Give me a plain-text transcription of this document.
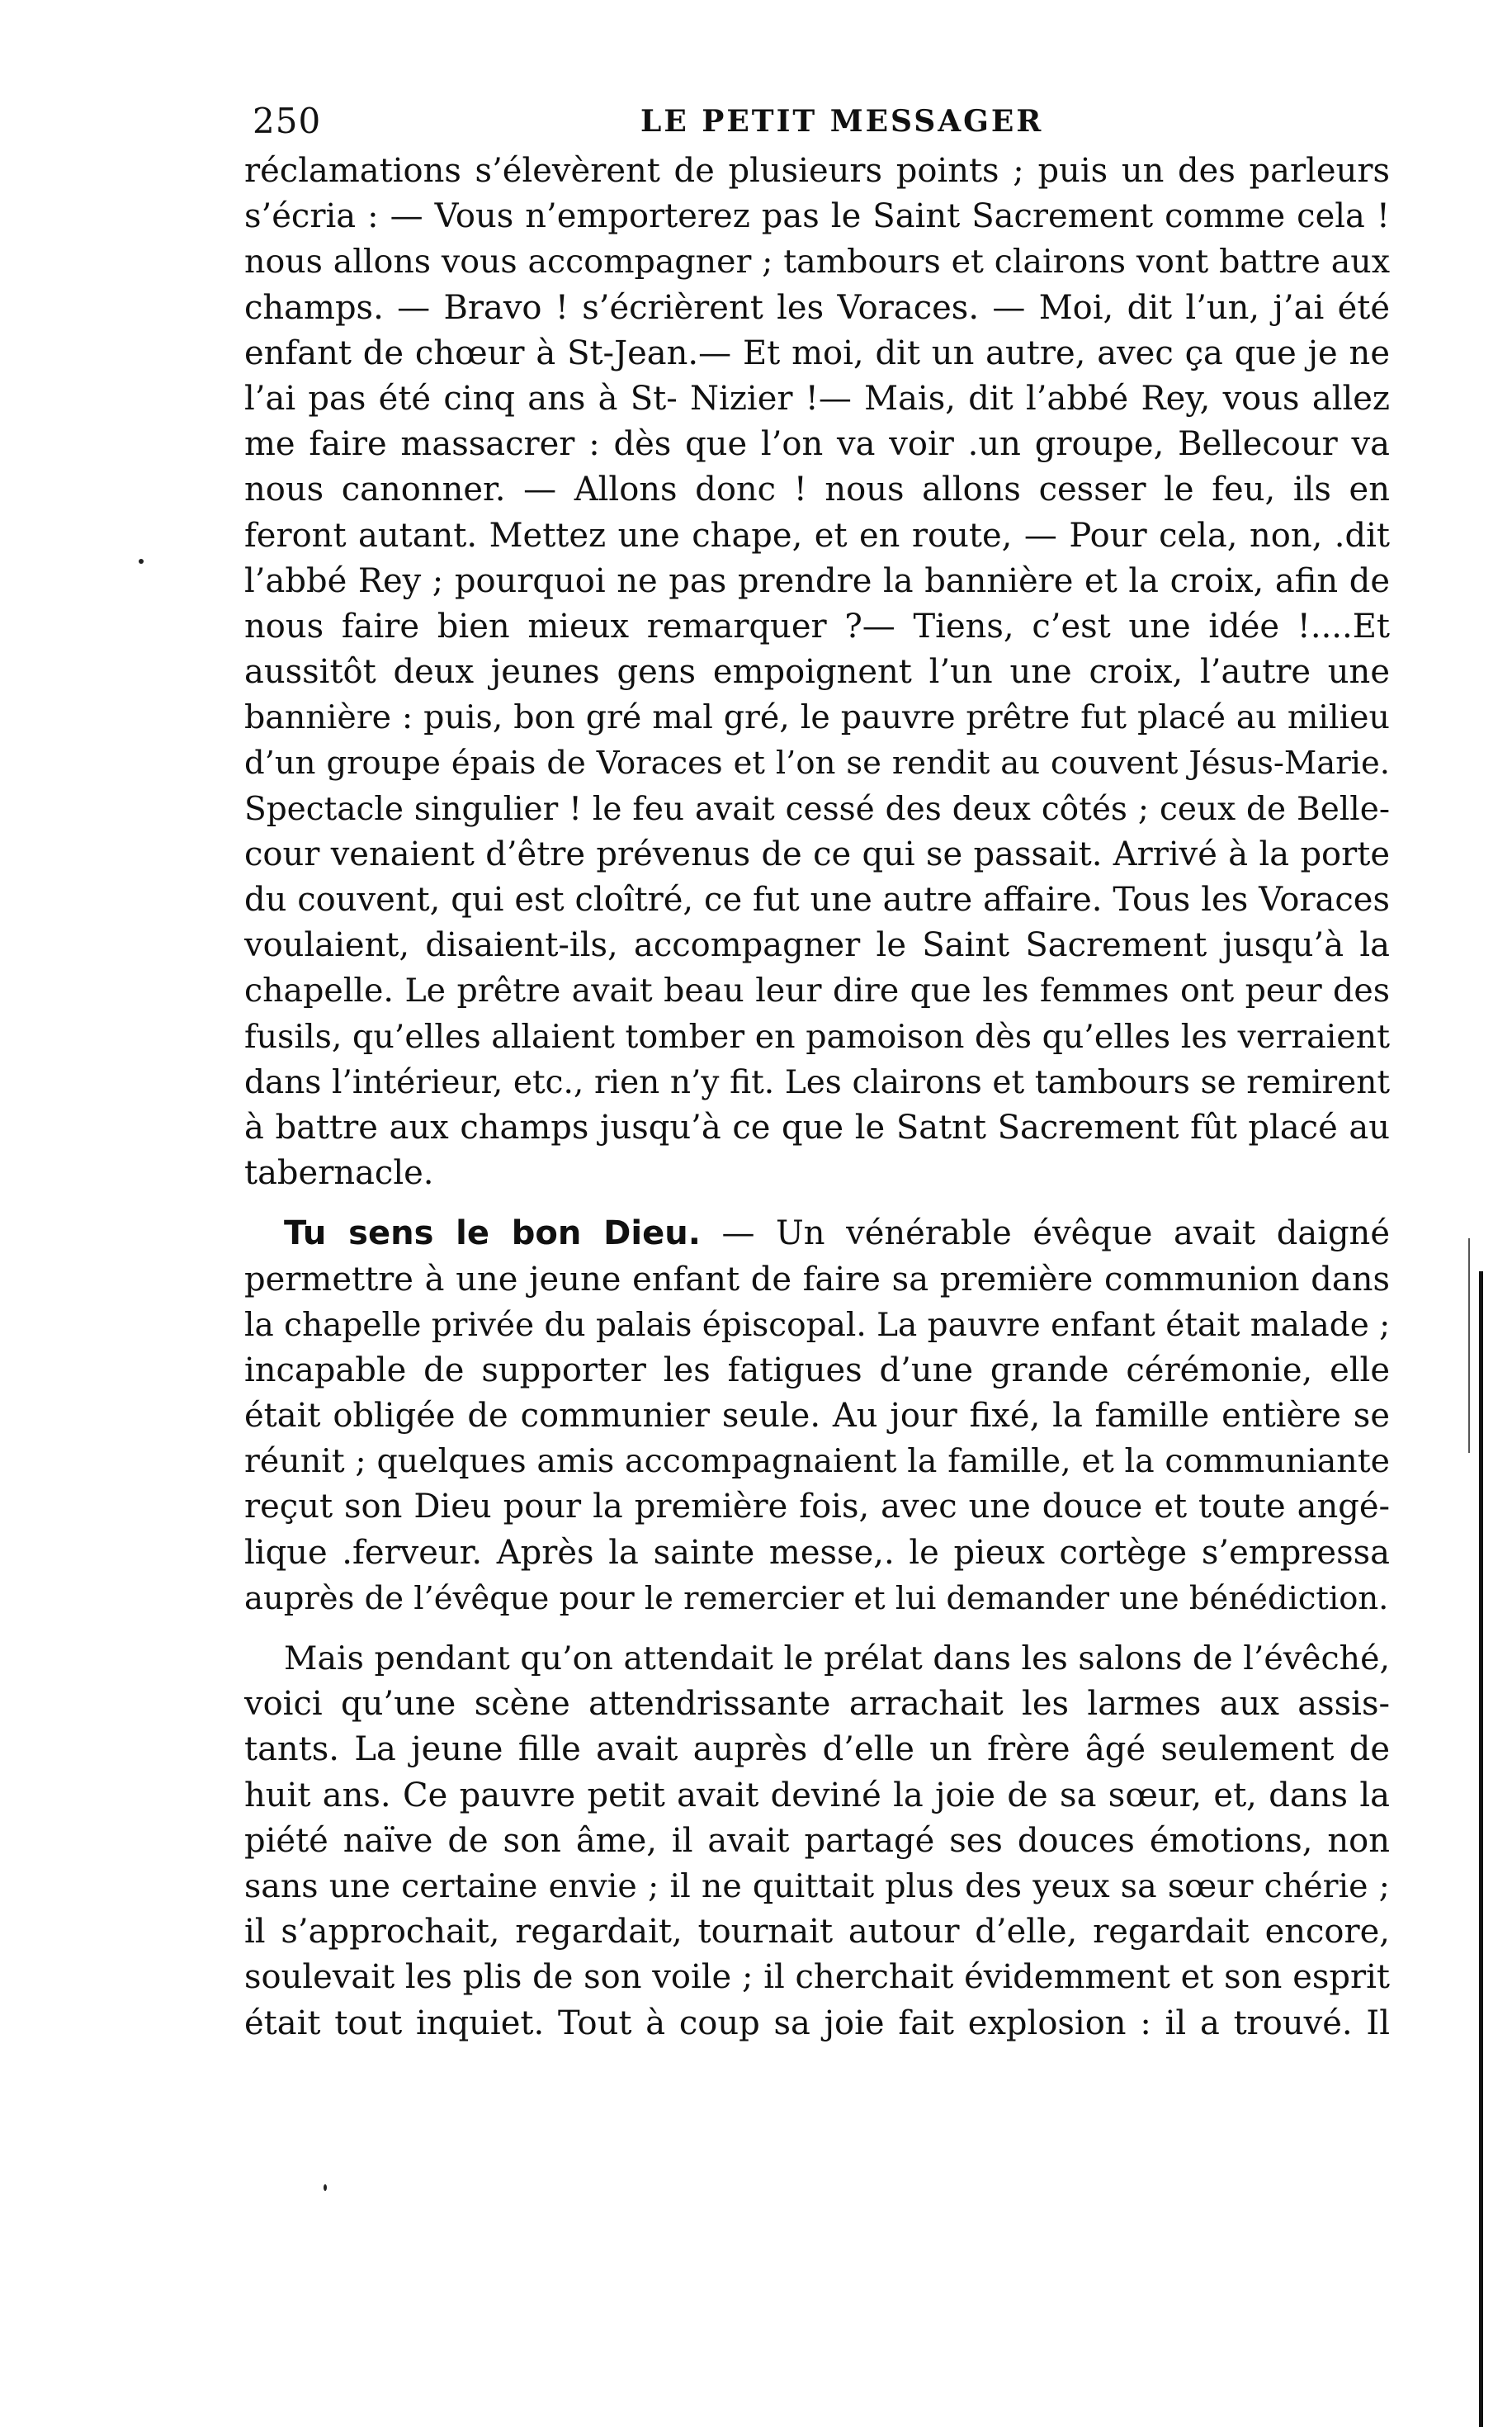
250	LE PETIT MESSAGER
réclamations s’élevèrent de plusieurs points ; puis un des parleurs
s’écria : — Vous n’emporterez pas le Saint Sacrement comme cela !
nous allons vous accompagner ; tambours et clairons vont battre aux
champs. — Bravo ! s’écrièrent les Voraces. — Moi, dit l’un, j’ai été
enfant de chœur à St-Jean.— Et moi, dit un autre, avec ça que je ne
l’ai pas été cinq ans à St- Nizier !— Mais, dit l’abbé Rey, vous allez
me faire massacrer : dès que l’on va voir .un groupe, Bellecour va
nous canonner. — Allons donc ! nous allons cesser le feu, ils en
feront autant. Mettez une chape, et en route, — Pour cela, non, .dit
l’abbé Rey ; pourquoi ne pas prendre la bannière et la croix, afin de
nous faire bien mieux remarquer ?— Tiens, c’est une idée !....Et
aussitôt deux jeunes gens empoignent l’un une croix, l’autre une
bannière : puis, bon gré mal gré, le pauvre prêtre fut placé au milieu
d’un groupe épais de Voraces et l’on se rendit au couvent Jésus-Marie.
Spectacle singulier ! le feu avait cessé des deux côtés ; ceux de Belle-
cour venaient d’être prévenus de ce qui se passait. Arrivé à la porte
du couvent, qui est cloîtré, ce fut une autre affaire. Tous les Voraces
voulaient, disaient-ils, accompagner le Saint Sacrement jusqu’à la
chapelle. Le prêtre avait beau leur dire que les femmes ont peur des
fusils, qu’elles allaient tomber en pamoison dès qu’elles les verraient
dans l’intérieur, etc., rien n’y fit. Les clairons et tambours se remirent
à battre aux champs jusqu’à ce que le Satnt Sacrement fût placé au
tabernacle.
Tu sens le bon Dieu. — Un vénérable évêque avait daigné
permettre à une jeune enfant de faire sa première communion dans
la chapelle privée du palais épiscopal. La pauvre enfant était malade ;
incapable de supporter les fatigues d’une grande cérémonie, elle
était obligée de communier seule. Au jour fixé, la famille entière se
réunit ; quelques amis accompagnaient la famille, et la communiante
reçut son Dieu pour la première fois, avec une douce et toute angé-
lique .ferveur. Après la sainte messe,. le pieux cortège s’empressa
auprès de l’évêque pour le remercier et lui demander une bénédiction.
Mais pendant qu’on attendait le prélat dans les salons de l’évêché,
voici qu’une scène attendrissante arrachait les larmes aux assis-
tants. La jeune fille avait auprès d’elle un frère âgé seulement de
huit ans. Ce pauvre petit avait deviné la joie de sa sœur, et, dans la
piété naïve de son âme, il avait partagé ses douces émotions, non
sans une certaine envie ; il ne quittait plus des yeux sa sœur chérie ;
il s’approchait, regardait, tournait autour d’elle, regardait encore,
soulevait les plis de son voile ; il cherchait évidemment et son esprit
était tout inquiet. Tout à coup sa joie fait explosion : il a trouvé. Il
